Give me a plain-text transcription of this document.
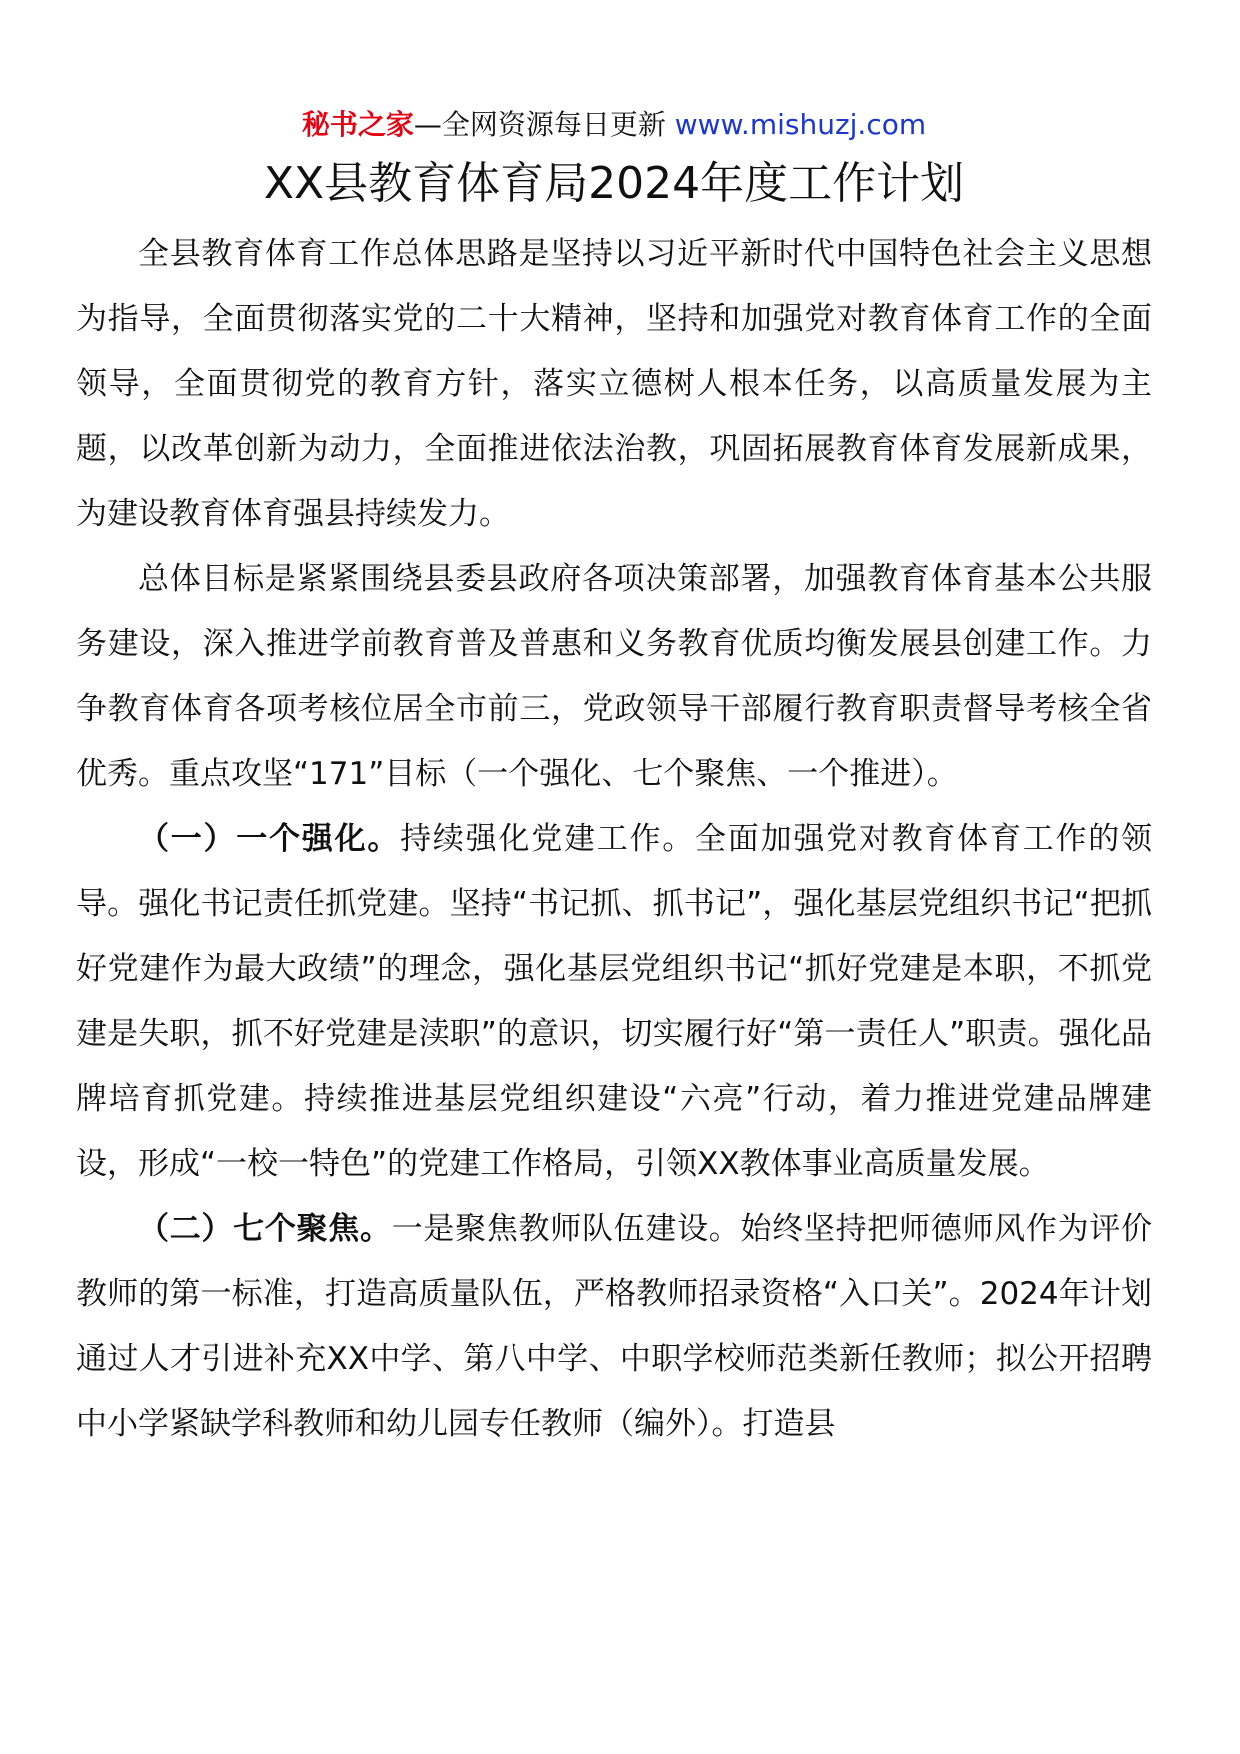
秘书之家—全网资源每日更新 www.mishuzj.com
XX县教育体育局2024年度工作计划

全县教育体育工作总体思路是坚持以习近平新时代中国特色社会主义思想为指导，全面贯彻落实党的二十大精神，坚持和加强党对教育体育工作的全面领导，全面贯彻党的教育方针，落实立德树人根本任务，以高质量发展为主题，以改革创新为动力，全面推进依法治教，巩固拓展教育体育发展新成果，为建设教育体育强县持续发力。

总体目标是紧紧围绕县委县政府各项决策部署，加强教育体育基本公共服务建设，深入推进学前教育普及普惠和义务教育优质均衡发展县创建工作。力争教育体育各项考核位居全市前三，党政领导干部履行教育职责督导考核全省优秀。重点攻坚“171”目标（一个强化、七个聚焦、一个推进）。

（一）一个强化。持续强化党建工作。全面加强党对教育体育工作的领导。强化书记责任抓党建。坚持“书记抓、抓书记”，强化基层党组织书记“把抓好党建作为最大政绩”的理念，强化基层党组织书记“抓好党建是本职，不抓党建是失职，抓不好党建是渎职”的意识，切实履行好“第一责任人”职责。强化品牌培育抓党建。持续推进基层党组织建设“六亮”行动，着力推进党建品牌建设，形成“一校一特色”的党建工作格局，引领XX教体事业高质量发展。

（二）七个聚焦。一是聚焦教师队伍建设。始终坚持把师德师风作为评价教师的第一标准，打造高质量队伍，严格教师招录资格“入口关”。2024年计划通过人才引进补充XX中学、第八中学、中职学校师范类新任教师；拟公开招聘中小学紧缺学科教师和幼儿园专任教师（编外）。打造县
